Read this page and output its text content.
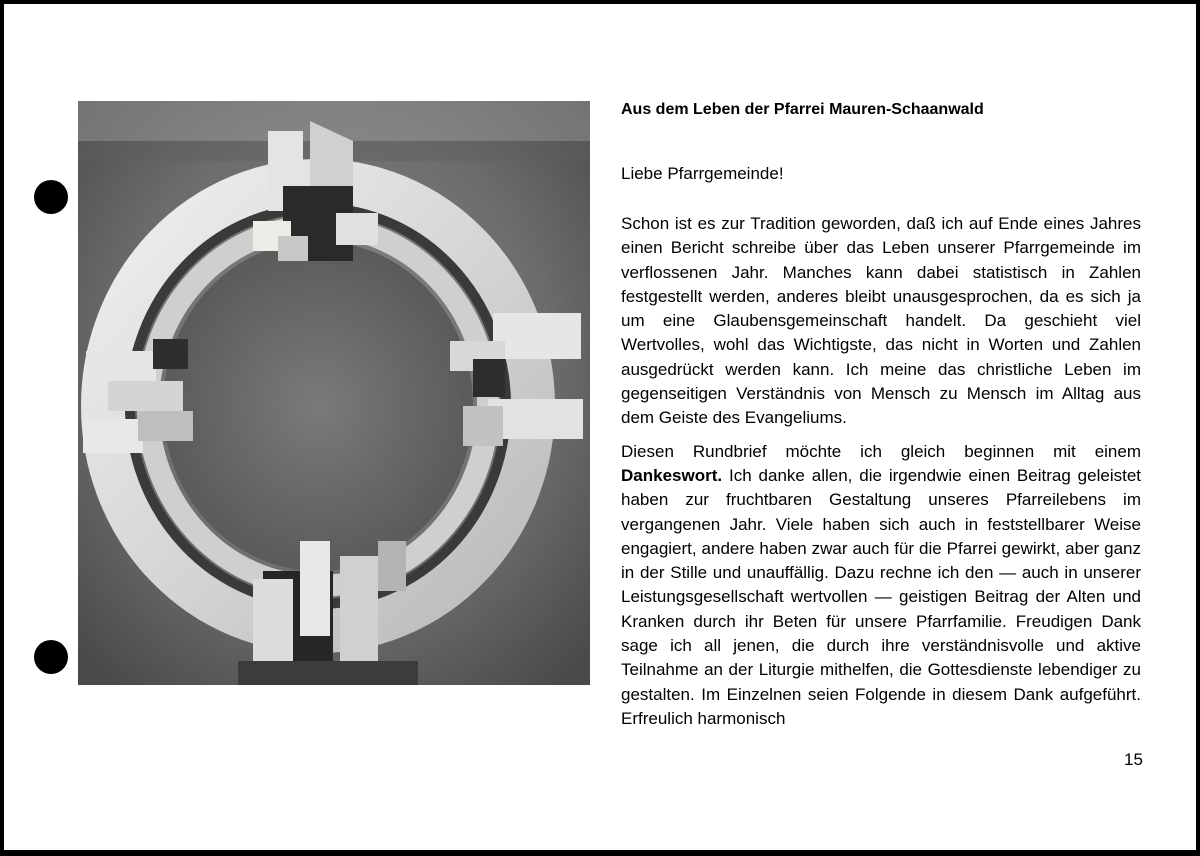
Aus dem Leben der Pfarrei Mauren-Schaanwald

Liebe Pfarrgemeinde!

Schon ist es zur Tradition geworden, daß ich auf Ende eines Jahres einen Bericht schreibe über das Leben unserer Pfarrgemeinde im verflossenen Jahr. Manches kann dabei statistisch in Zahlen festgestellt werden, anderes bleibt unausgesprochen, da es sich ja um eine Glaubensgemeinschaft handelt. Da geschieht viel Wertvolles, wohl das Wichtigste, das nicht in Worten und Zahlen ausgedrückt werden kann. Ich meine das christliche Leben im gegenseitigen Verständnis von Mensch zu Mensch im Alltag aus dem Geiste des Evangeliums.

Diesen Rundbrief möchte ich gleich beginnen mit einem Dankeswort. Ich danke allen, die irgendwie einen Beitrag geleistet haben zur fruchtbaren Gestaltung unseres Pfarreilebens im vergangenen Jahr. Viele haben sich auch in feststellbarer Weise engagiert, andere haben zwar auch für die Pfarrei gewirkt, aber ganz in der Stille und unauffällig. Dazu rechne ich den — auch in unserer Leistungsgesellschaft wertvollen — geistigen Beitrag der Alten und Kranken durch ihr Beten für unsere Pfarrfamilie. Freudigen Dank sage ich all jenen, die durch ihre verständnisvolle und aktive Teilnahme an der Liturgie mithelfen, die Gottesdienste lebendiger zu gestalten. Im Einzelnen seien Folgende in diesem Dank aufgeführt. Erfreulich harmonisch

15
